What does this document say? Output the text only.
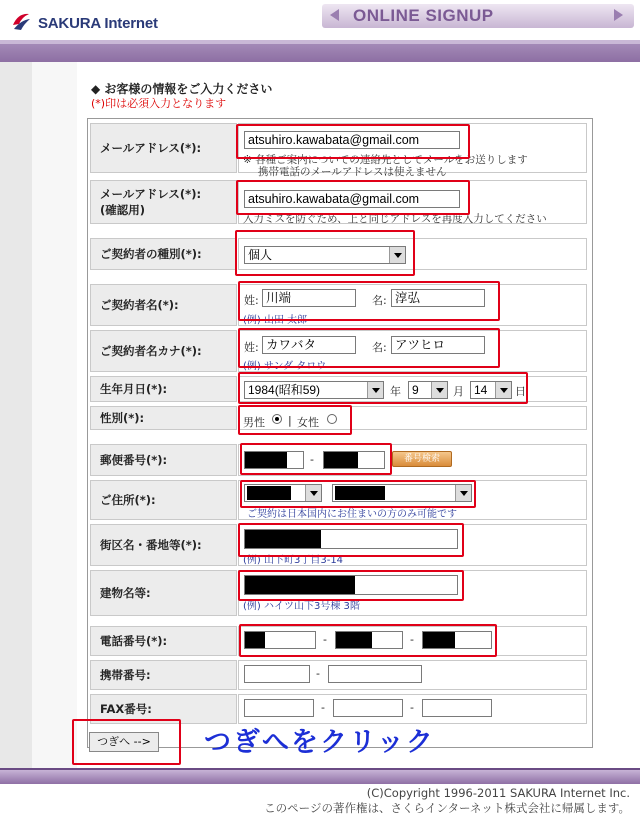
SAKURA Internet	ONLINE SIGNUP
◆ お客様の情報をご入力ください
(*)印は必須入力となります
メールアドレス(*):
atsuhiro.kawabata@gmail.com
※ 各種ご案内についての連絡先としてメールをお送りします
携帯電話のメールアドレスは使えません
メールアドレス(*):
(確認用)
atsuhiro.kawabata@gmail.com
入力ミスを防ぐため、上と同じアドレスを再度入力してください
ご契約者の種別(*):	個人
ご契約者名(*):	姓: 川端	名: 淳弘
(例) 山田 太郎
ご契約者名カナ(*):	姓: カワバタ	名: アツヒロ
(例) サンダ タロウ
生年月日(*):	1984(昭和59)	年 9	月 14	日
性別(*):	男性 | 女性
郵便番号(*):	-	番号検索
ご住所(*):
ご契約は日本国内にお住まいの方のみ可能です
街区名・番地等(*):
(例) 山下町3丁目3-14
建物名等:
(例) ハイツ山下3号棟 3階
電話番号(*):	-	-
携帯番号:	-
FAX番号:	-	-
つぎへ -->	つぎへをクリック
(C)Copyright 1996-2011 SAKURA Internet Inc.
このページの著作権は、さくらインターネット株式会社に帰属します。
